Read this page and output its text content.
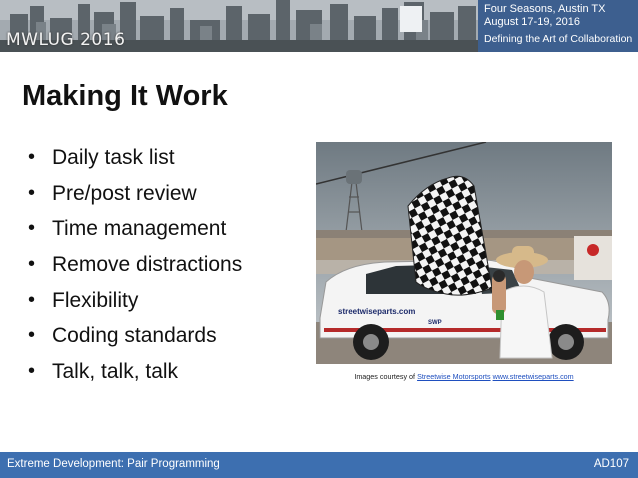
MWLUG 2016
Four Seasons, Austin TX
August 17-19, 2016
Defining the Art of Collaboration
Making It Work
• Daily task list
• Pre/post review
• Time management
• Remove distractions
• Flexibility
• Coding standards
• Talk, talk, talk
streetwiseparts.com
SWP
Images courtesy of Streetwise Motorsports www.streetwiseparts.com
Extreme Development: Pair Programming	AD107
